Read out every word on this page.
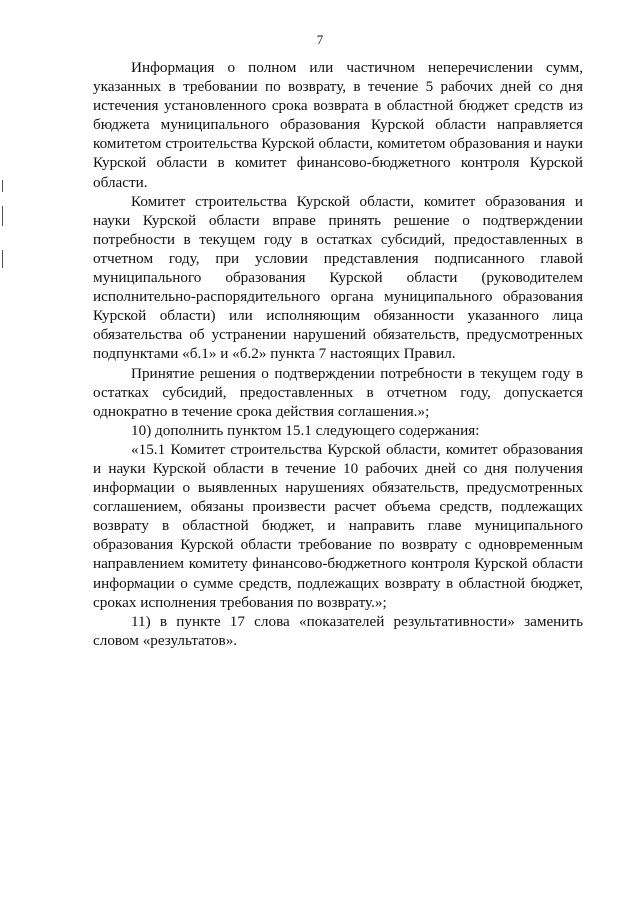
7

Информация о полном или частичном неперечислении сумм, указанных в требовании по возврату, в течение 5 рабочих дней со дня истечения установленного срока возврата в областной бюджет средств из бюджета муниципального образования Курской области направляется комитетом строительства Курской области, комитетом образования и науки Курской области в комитет финансово-бюджетного контроля Курской области.

Комитет строительства Курской области, комитет образования и науки Курской области вправе принять решение о подтверждении потребности в текущем году в остатках субсидий, предоставленных в отчетном году, при условии представления подписанного главой муниципального образования Курской области (руководителем исполнительно-распорядительного органа муниципального образования Курской области) или исполняющим обязанности указанного лица обязательства об устранении нарушений обязательств, предусмотренных подпунктами «б.1» и «б.2» пункта 7 настоящих Правил.

Принятие решения о подтверждении потребности в текущем году в остатках субсидий, предоставленных в отчетном году, допускается однократно в течение срока действия соглашения.»;

10) дополнить пунктом 15.1 следующего содержания:

«15.1 Комитет строительства Курской области, комитет образования и науки Курской области в течение 10 рабочих дней со дня получения информации о выявленных нарушениях обязательств, предусмотренных соглашением, обязаны произвести расчет объема средств, подлежащих возврату в областной бюджет, и направить главе муниципального образования Курской области требование по возврату с одновременным направлением комитету финансово-бюджетного контроля Курской области информации о сумме средств, подлежащих возврату в областной бюджет, сроках исполнения требования по возврату.»;

11) в пункте 17 слова «показателей результативности» заменить словом «результатов».
